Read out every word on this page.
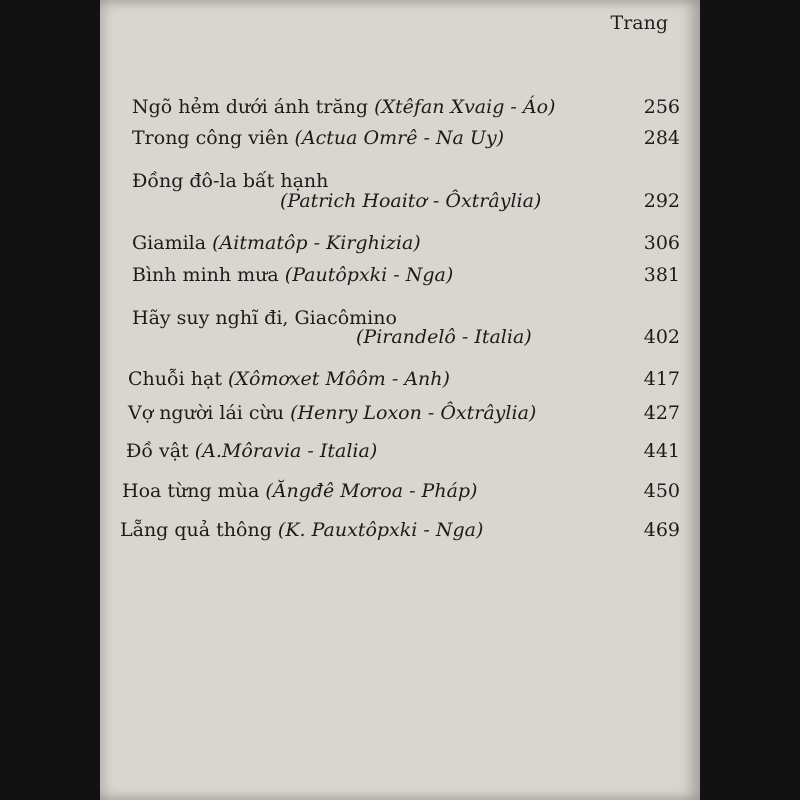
Trang
Ngõ hẻm dưới ánh trăng (Xtêfan Xvaig - Áo)	256
Trong công viên (Actua Omrê - Na Uy)	284
Đồng đô-la bất hạnh
(Patrich Hoaitơ - Ôxtrâylia)	292
Giamila (Aitmatôp - Kirghizia)	306
Bình minh mưa (Pautôpxki - Nga)	381
Hãy suy nghĩ đi, Giacômino
(Pirandelô - Italia)	402
Chuỗi hạt (Xômơxet Môôm - Anh)	417
Vợ người lái cừu (Henry Loxon - Ôxtrâylia)	427
Đồ vật (A.Môravia - Italia)	441
Hoa từng mùa (Ăngđê Mơroa - Pháp)	450
Lẵng quả thông (K. Pauxtôpxki - Nga)	469
